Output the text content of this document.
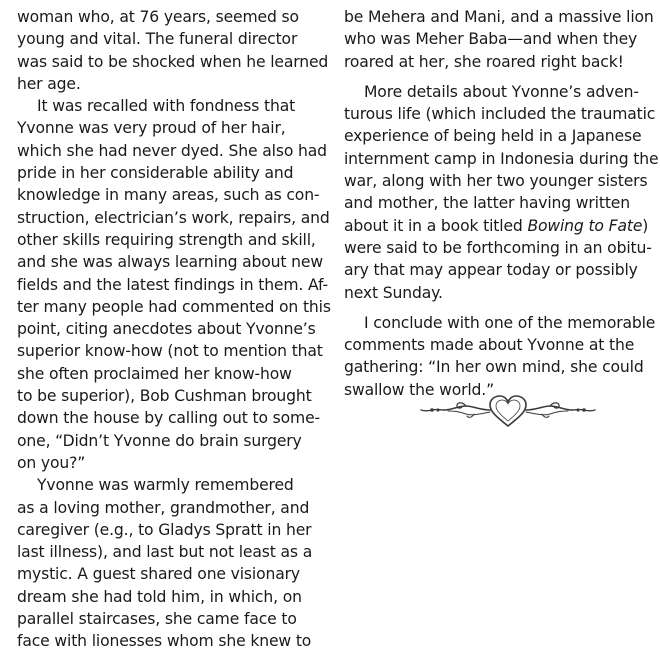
woman who, at 76 years, seemed so
young and vital. The funeral director
was said to be shocked when he learned
her age.
It was recalled with fondness that
Yvonne was very proud of her hair,
which she had never dyed. She also had
pride in her considerable ability and
knowledge in many areas, such as con-
struction, electrician’s work, repairs, and
other skills requiring strength and skill,
and she was always learning about new
fields and the latest findings in them. Af-
ter many people had commented on this
point, citing anecdotes about Yvonne’s
superior know-how (not to mention that
she often proclaimed her know-how
to be superior), Bob Cushman brought
down the house by calling out to some-
one, “Didn’t Yvonne do brain surgery
on you?”
Yvonne was warmly remembered
as a loving mother, grandmother, and
caregiver (e.g., to Gladys Spratt in her
last illness), and last but not least as a
mystic. A guest shared one visionary
dream she had told him, in which, on
parallel staircases, she came face to
face with lionesses whom she knew to
be Mehera and Mani, and a massive lion
who was Meher Baba—and when they
roared at her, she roared right back!
More details about Yvonne’s adven-
turous life (which included the traumatic
experience of being held in a Japanese
internment camp in Indonesia during the
war, along with her two younger sisters
and mother, the latter having written
about it in a book titled Bowing to Fate)
were said to be forthcoming in an obitu-
ary that may appear today or possibly
next Sunday.
I conclude with one of the memorable
comments made about Yvonne at the
gathering: “In her own mind, she could
swallow the world.”
